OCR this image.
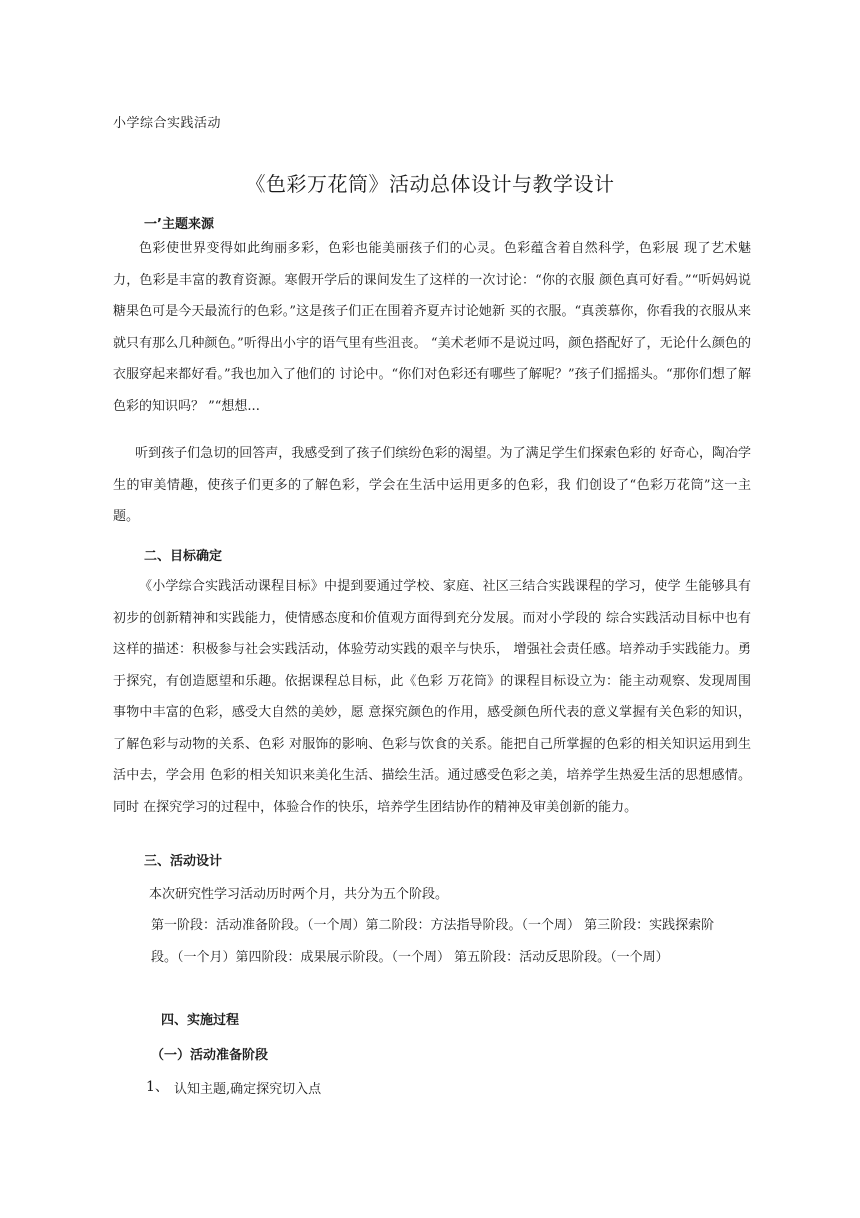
小学综合实践活动
《色彩万花筒》活动总体设计与教学设计
一’主题来源
色彩使世界变得如此绚丽多彩，色彩也能美丽孩子们的心灵。色彩蕴含着自然科学，色彩展 现了艺术魅力，色彩是丰富的教育资源。寒假开学后的课间发生了这样的一次讨论：“你的衣服 颜色真可好看。”“听妈妈说糖果色可是今天最流行的色彩。”这是孩子们正在围着齐夏卉讨论她新 买的衣服。“真羡慕你，你看我的衣服从来就只有那么几种颜色。”听得出小宇的语气里有些沮丧。 “美术老师不是说过吗，颜色搭配好了，无论什么颜色的衣服穿起来都好看。”我也加入了他们的 讨论中。“你们对色彩还有哪些了解呢？”孩子们摇摇头。“那你们想了解色彩的知识吗？ ”“想想...
听到孩子们急切的回答声，我感受到了孩子们缤纷色彩的渴望。为了满足学生们探索色彩的 好奇心，陶冶学生的审美情趣，使孩子们更多的了解色彩，学会在生活中运用更多的色彩，我 们创设了“色彩万花筒”这一主题。
二、目标确定
《小学综合实践活动课程目标》中提到要通过学校、家庭、社区三结合实践课程的学习，使学 生能够具有初步的创新精神和实践能力，使情感态度和价值观方面得到充分发展。而对小学段的 综合实践活动目标中也有这样的描述：积极参与社会实践活动，体验劳动实践的艰辛与快乐， 增强社会责任感。培养动手实践能力。勇于探究，有创造愿望和乐趣。依据课程总目标，此《色彩 万花筒》的课程目标设立为：能主动观察、发现周围事物中丰富的色彩，感受大自然的美妙，愿 意探究颜色的作用，感受颜色所代表的意义掌握有关色彩的知识，了解色彩与动物的关系、色彩 对服饰的影响、色彩与饮食的关系。能把自己所掌握的色彩的相关知识运用到生活中去，学会用 色彩的相关知识来美化生活、描绘生活。通过感受色彩之美，培养学生热爱生活的思想感情。同时 在探究学习的过程中，体验合作的快乐，培养学生团结协作的精神及审美创新的能力。
三、活动设计
本次研究性学习活动历时两个月，共分为五个阶段。
第一阶段：活动准备阶段。（一个周）第二阶段：方法指导阶段。（一个周） 第三阶段：实践探索阶
段。（一个月）第四阶段：成果展示阶段。（一个周） 第五阶段：活动反思阶段。（一个周）
四、实施过程
（一）活动准备阶段
1、 认知主题,确定探究切入点
